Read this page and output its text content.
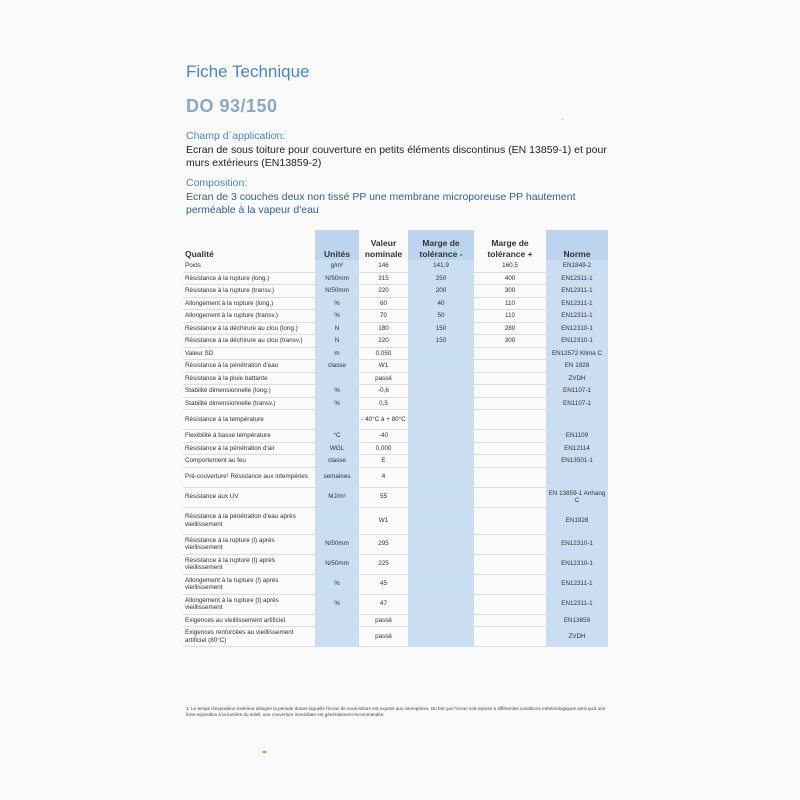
Fiche Technique
DO 93/150
´
Champ d´application:
Ecran de sous toiture pour couverture en petits éléments discontinus (EN 13859-1) et pour murs extérieurs (EN13859-2)
Composition:
Ecran de 3 couches deux non tissé PP une membrane microporeuse PP hautement perméable à la vapeur d'eau
Qualité	Unités	Valeur nominale	Marge de tolérance -	Marge de tolérance +	Norme
Poids	g/m²	146	141,9	160,5	EN1849-2
Résistance à la rupture (long.)	N/50mm	315	250	400	EN12311-1
Résistance à la rupture (transv.)	N/50mm	220	200	300	EN12311-1
Allongement à la rupture (long.)	%	60	40	110	EN12311-1
Allongement à la rupture (transv.)	%	70	50	110	EN12311-1
Résistance à la déchirure au clou (long.)	N	180	150	280	EN12310-1
Résistance à la déchirure au clou (transv.)	N	220	150	300	EN12310-1
Valeur SD	m	0,050			EN12572 Klima C
Résistance à la pénétration d'eau	classe	W1			EN 1928
Résistance à la pluie battante		passé			ZVDH
Stabilité dimensionnelle (long.)	%	-0,6			EN1107-1
Stabilité dimensionnelle (transv.)	%	0,5			EN1107-1
Résistance à la température		- 40°C à + 80°C			
Flexibilité à basse température	°C	-40			EN1109
Résistance à la pénétration d'air	WGL	0,000			EN12114
Comportement au feu	classe	E			EN13501-1
Pré-couverture¹ Résistance aux intempéries	semaines	4			
Résistance aux UV	MJ/m²	55			EN 13859-1 Anhang C
Résistance à la pénétration d'eau après vieillissement		W1			EN1928
Résistance à la rupture (l) après vieillissement	N/50mm	295			EN12310-1
Résistance à la rupture (t) après vieillissement	N/50mm	225			EN12310-1
Allongement à la rupture (l) après vieillissement	%	45			EN12311-1
Allongement à la rupture (t) après vieillissement	%	47			EN12311-1
Exigences au vieillissement artificiel		passé			EN13859
Exigences renforcées au vieillissement artificiel (80°C)		passé			ZVDH
1. Le temps d'exposition extérieur désigne la période durant laquelle l'écran de sous-toiture est exposé aux intempéries. Du fait que l'écran soit exposé à différentes conditions météorologiques ainsi qu'à une forte exposition à la lumière du soleil, une couverture immédiate est généralement recommandée.
